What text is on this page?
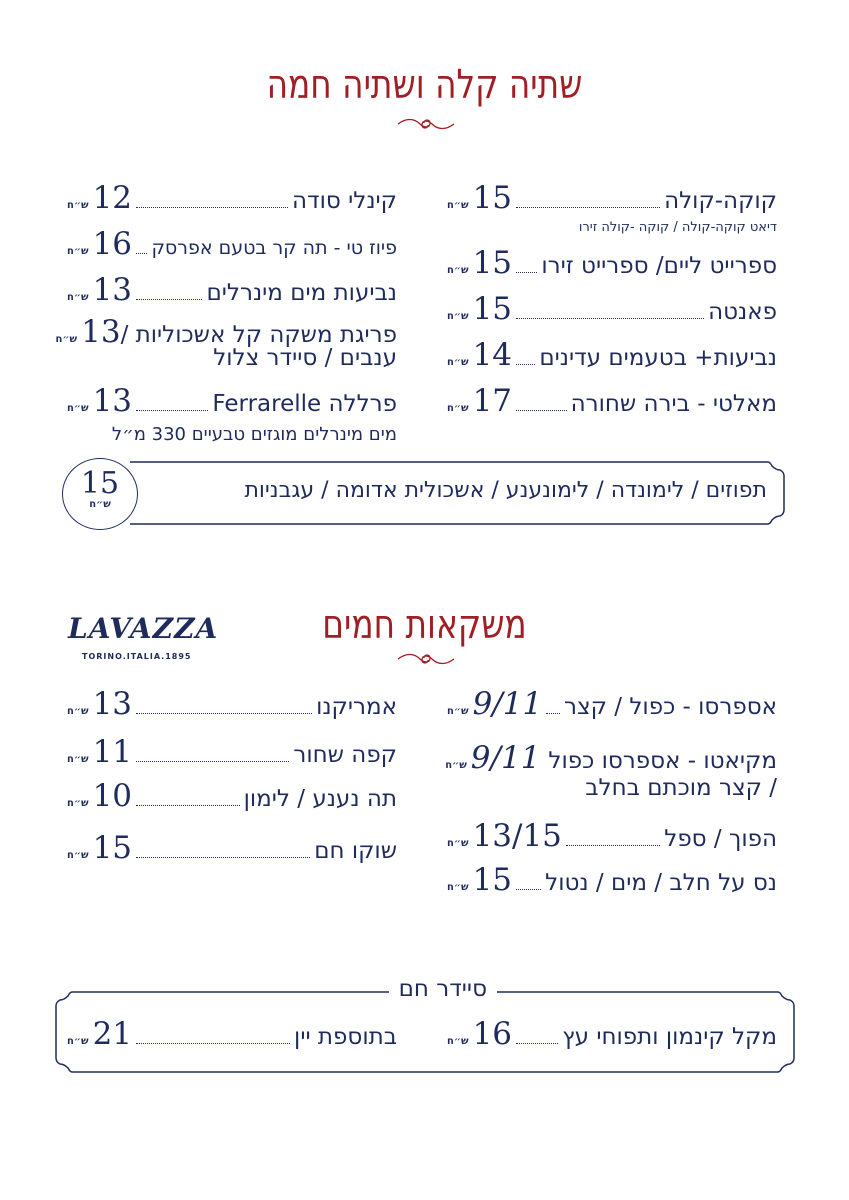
שתיה קלה ושתיה חמה
קוקה-קולה
15
ש״ח
דיאט קוקה-קולה / קוקה -קולה זירו
ספרייט ליים/ ספרייט זירו
15
ש״ח
פאנטה
15
ש״ח
נביעות+ בטעמים עדינים
14
ש״ח
מאלטי - בירה שחורה
17
ש״ח
קינלי סודה
12
ש״ח
פיוז טי - תה קר בטעם אפרסק
16
ש״ח
נביעות מים מינרלים
13
ש״ח
פריגת משקה קל אשכוליות /
13
ש״ח
ענבים / סיידר צלול
פרללה Ferrarelle
13
ש״ח
מים מינרלים מוגזים טבעיים 330 מ״ל
תפוזים / לימונדה / לימונענע / אשכולית אדומה / עגבניות
15
ש״ח
משקאות חמים
LAVAZZA
TORINO.ITALIA.1895
אספרסו - כפול / קצר
9/11
ש״ח
מקיאטו - אספרסו כפול
9/11
ש״ח
/ קצר מוכתם בחלב
הפוך / ספל
13/15
ש״ח
נס על חלב / מים / נטול
15
ש״ח
אמריקנו
13
ש״ח
קפה שחור
11
ש״ח
תה נענע / לימון
10
ש״ח
שוקו חם
15
ש״ח
סיידר חם
מקל קינמון ותפוחי עץ
16
ש״ח
בתוספת יין
21
ש״ח
